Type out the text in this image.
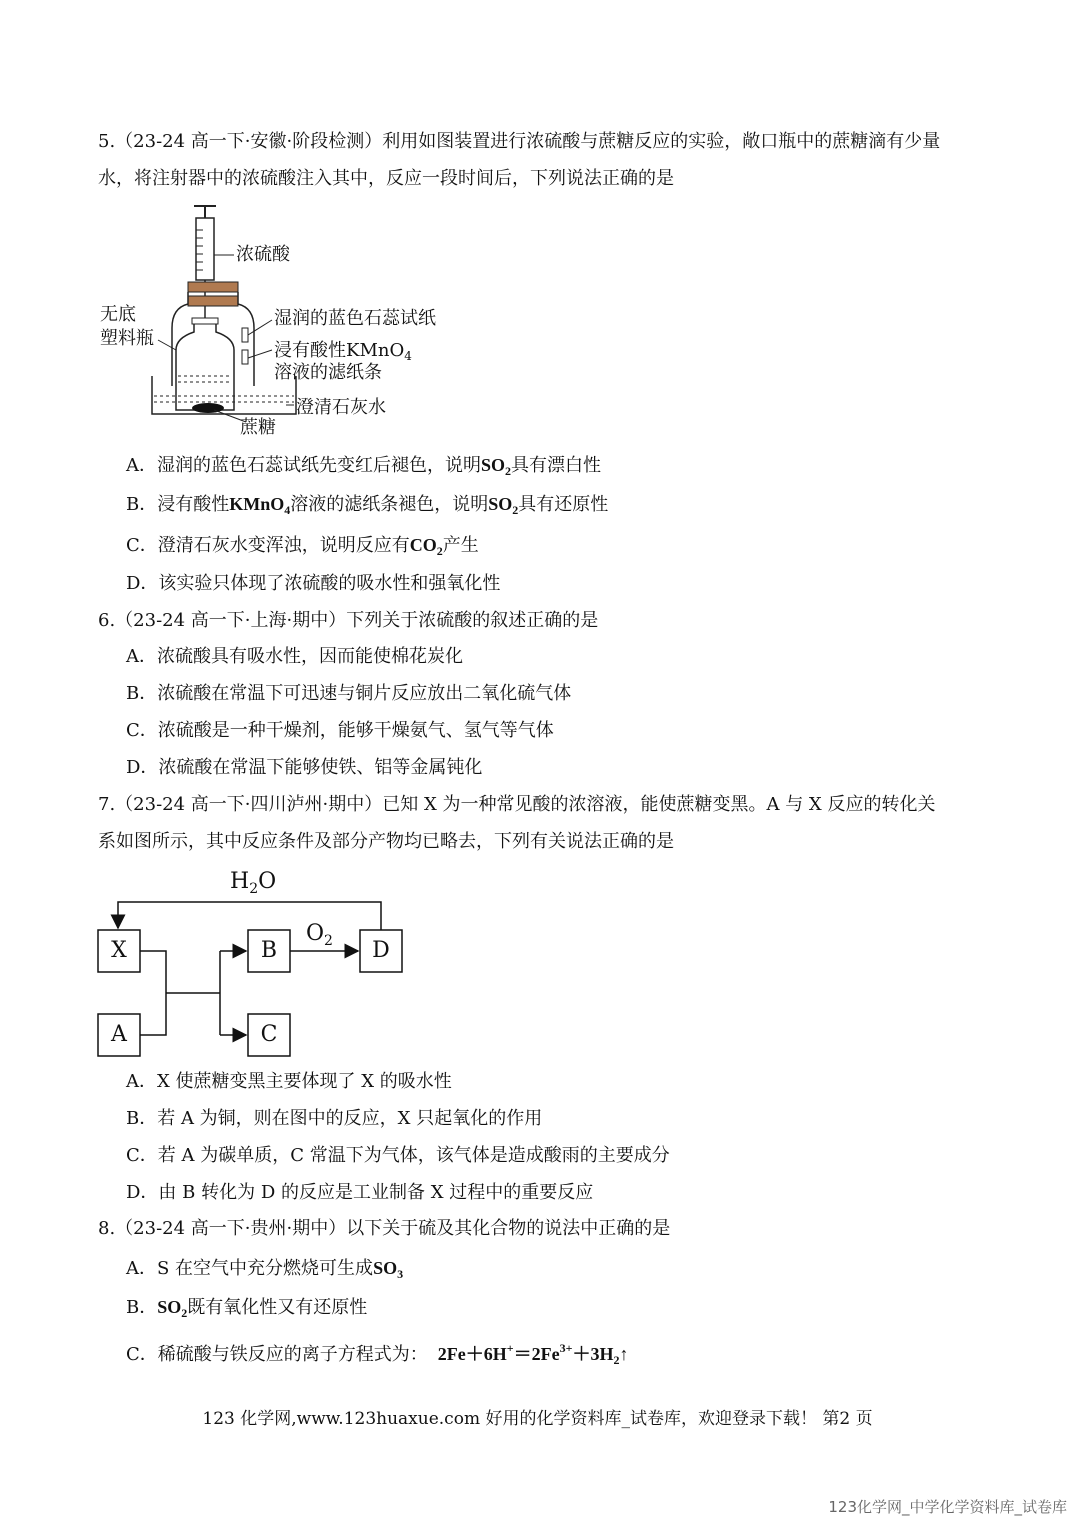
5.（23-24 高一下·安徽·阶段检测）利用如图装置进行浓硫酸与蔗糖反应的实验，敞口瓶中的蔗糖滴有少量
水，将注射器中的浓硫酸注入其中，反应一段时间后，下列说法正确的是
浓硫酸
无底
塑料瓶
湿润的蓝色石蕊试纸
浸有酸性KMnO$_4$
溶液的滤纸条
澄清石灰水
蔗糖
A．湿润的蓝色石蕊试纸先变红后褪色，说明$SO_2$具有漂白性
B．浸有酸性KMnO$_4$溶液的滤纸条褪色，说明$SO_2$具有还原性
C．澄清石灰水变浑浊，说明反应有$CO_2$产生
D．该实验只体现了浓硫酸的吸水性和强氧化性
6.（23-24 高一下·上海·期中）下列关于浓硫酸的叙述正确的是
A．浓硫酸具有吸水性，因而能使棉花炭化
B．浓硫酸在常温下可迅速与铜片反应放出二氧化硫气体
C．浓硫酸是一种干燥剂，能够干燥氨气、氢气等气体
D．浓硫酸在常温下能够使铁、铝等金属钝化
7.（23-24 高一下·四川泸州·期中）已知 X 为一种常见酸的浓溶液，能使蔗糖变黑。A 与 X 反应的转化关
系如图所示，其中反应条件及部分产物均已略去，下列有关说法正确的是
$H_2O$
$O_2$
X
A
B
C
D
A．X 使蔗糖变黑主要体现了 X 的吸水性
B．若 A 为铜，则在图中的反应，X 只起氧化的作用
C．若 A 为碳单质，C 常温下为气体，该气体是造成酸雨的主要成分
D．由 B 转化为 D 的反应是工业制备 X 过程中的重要反应
8.（23-24 高一下·贵州·期中）以下关于硫及其化合物的说法中正确的是
A．S 在空气中充分燃烧可生成$SO_3$
B．$SO_2$既有氧化性又有还原性
C．稀硫酸与铁反应的离子方程式为： $2Fe+6H^+=2Fe^{3+}+3H_2↑$
123 化学网,www.123huaxue.com 好用的化学资料库_试卷库，欢迎登录下载！ 第2 页
123化学网_中学化学资料库_试卷库
